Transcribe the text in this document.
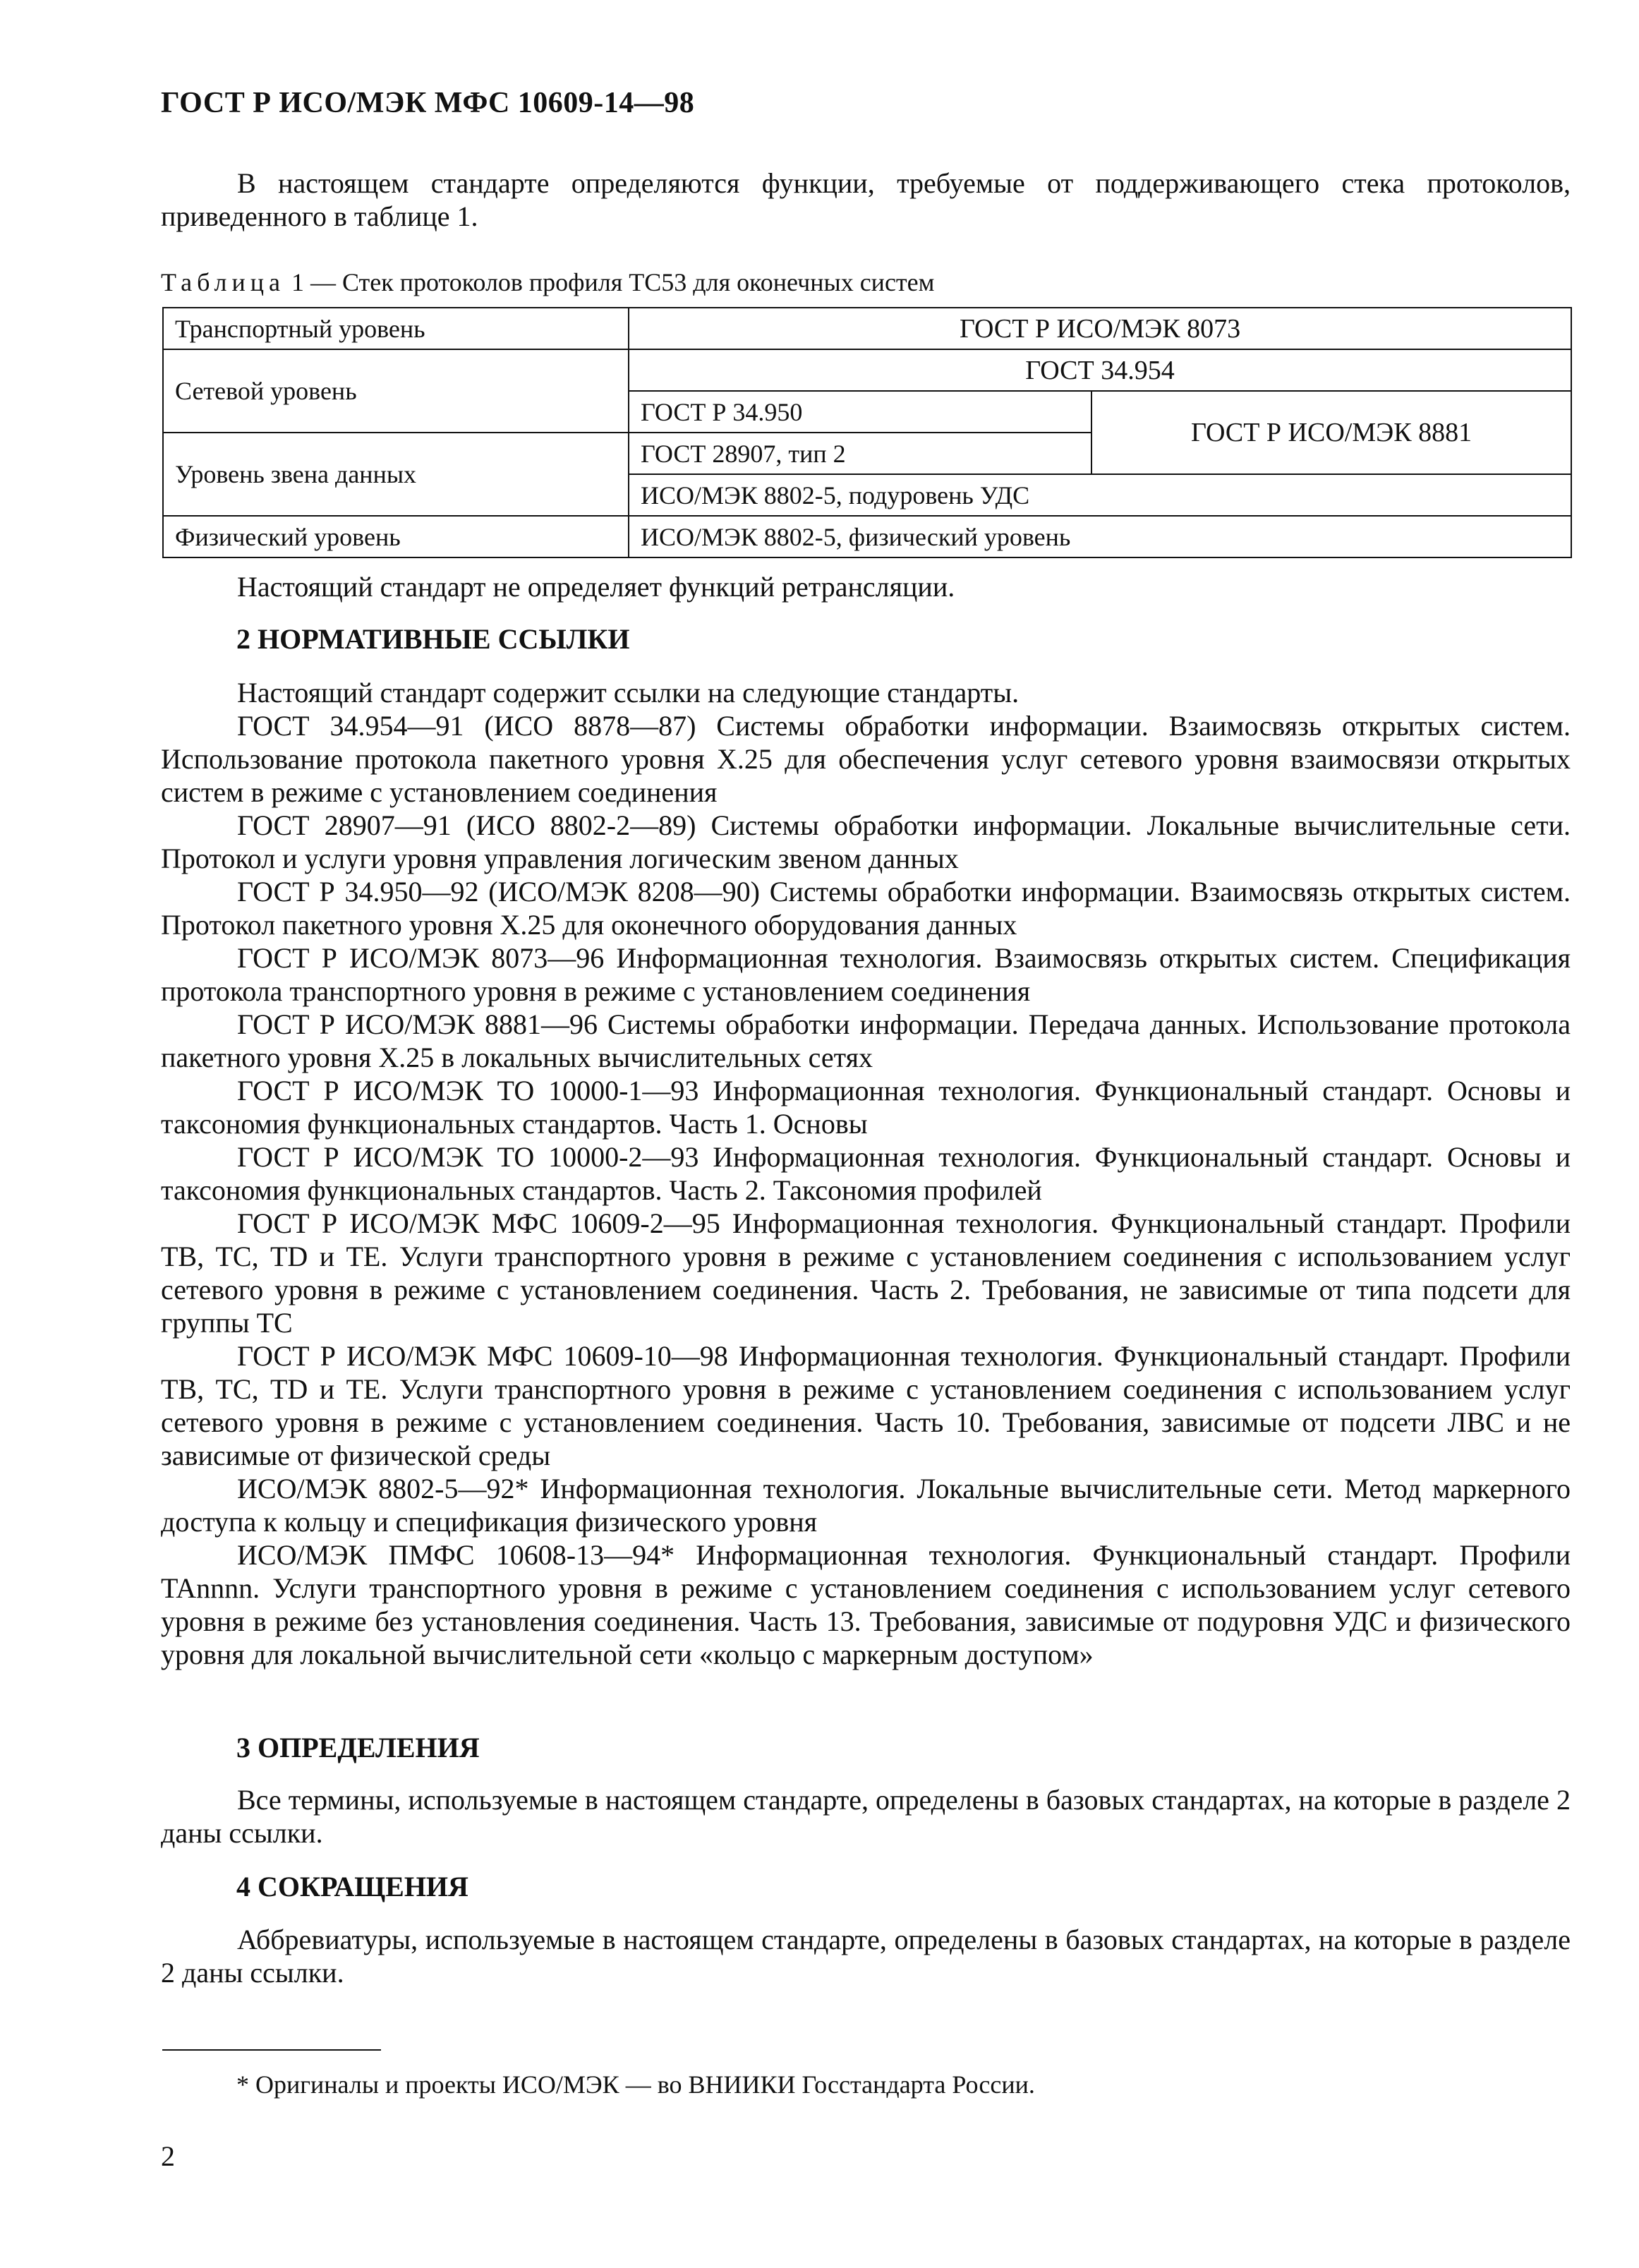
ГОСТ Р ИСО/МЭК МФС 10609-14—98

В настоящем стандарте определяются функции, требуемые от поддерживающего стека протоколов, приведенного в таблице 1.

Таблица 1 — Стек протоколов профиля ТС53 для оконечных систем
Транспортный уровень	ГОСТ Р ИСО/МЭК 8073	
Сетевой уровень	ГОСТ 34.954	
	ГОСТ Р 34.950	ГОСТ Р ИСО/МЭК 8881
Уровень звена данных	ГОСТ 28907, тип 2	
	ИСО/МЭК 8802-5, подуровень УДС	
Физический уровень	ИСО/МЭК 8802-5, физический уровень	

Настоящий стандарт не определяет функций ретрансляции.

2 НОРМАТИВНЫЕ ССЫЛКИ

Настоящий стандарт содержит ссылки на следующие стандарты.

ГОСТ 34.954—91 (ИСО 8878—87) Системы обработки информации. Взаимосвязь открытых систем. Использование протокола пакетного уровня Х.25 для обеспечения услуг сетевого уровня взаимосвязи открытых систем в режиме с установлением соединения

ГОСТ 28907—91 (ИСО 8802-2—89) Системы обработки информации. Локальные вычислительные сети. Протокол и услуги уровня управления логическим звеном данных

ГОСТ Р 34.950—92 (ИСО/МЭК 8208—90) Системы обработки информации. Взаимосвязь открытых систем. Протокол пакетного уровня Х.25 для оконечного оборудования данных

ГОСТ Р ИСО/МЭК 8073—96 Информационная технология. Взаимосвязь открытых систем. Спецификация протокола транспортного уровня в режиме с установлением соединения

ГОСТ Р ИСО/МЭК 8881—96 Системы обработки информации. Передача данных. Использование протокола пакетного уровня Х.25 в локальных вычислительных сетях

ГОСТ Р ИСО/МЭК ТО 10000-1—93 Информационная технология. Функциональный стандарт. Основы и таксономия функциональных стандартов. Часть 1. Основы

ГОСТ Р ИСО/МЭК ТО 10000-2—93 Информационная технология. Функциональный стандарт. Основы и таксономия функциональных стандартов. Часть 2. Таксономия профилей

ГОСТ Р ИСО/МЭК МФС 10609-2—95 Информационная технология. Функциональный стандарт. Профили ТВ, ТС, TD и ТЕ. Услуги транспортного уровня в режиме с установлением соединения с использованием услуг сетевого уровня в режиме с установлением соединения. Часть 2. Требования, не зависимые от типа подсети для группы ТС

ГОСТ Р ИСО/МЭК МФС 10609-10—98 Информационная технология. Функциональный стандарт. Профили ТВ, ТС, TD и ТЕ. Услуги транспортного уровня в режиме с установлением соединения с использованием услуг сетевого уровня в режиме с установлением соединения. Часть 10. Требования, зависимые от подсети ЛВС и не зависимые от физической среды

ИСО/МЭК 8802-5—92* Информационная технология. Локальные вычислительные сети. Метод маркерного доступа к кольцу и спецификация физического уровня

ИСО/МЭК ПМФС 10608-13—94* Информационная технология. Функциональный стандарт. Профили TAnnnn. Услуги транспортного уровня в режиме с установлением соединения с использованием услуг сетевого уровня в режиме без установления соединения. Часть 13. Требования, зависимые от подуровня УДС и физического уровня для локальной вычислительной сети «кольцо с маркерным доступом»

3 ОПРЕДЕЛЕНИЯ

Все термины, используемые в настоящем стандарте, определены в базовых стандартах, на которые в разделе 2 даны ссылки.

4 СОКРАЩЕНИЯ

Аббревиатуры, используемые в настоящем стандарте, определены в базовых стандартах, на которые в разделе 2 даны ссылки.

* Оригиналы и проекты ИСО/МЭК — во ВНИИКИ Госстандарта России.
2
